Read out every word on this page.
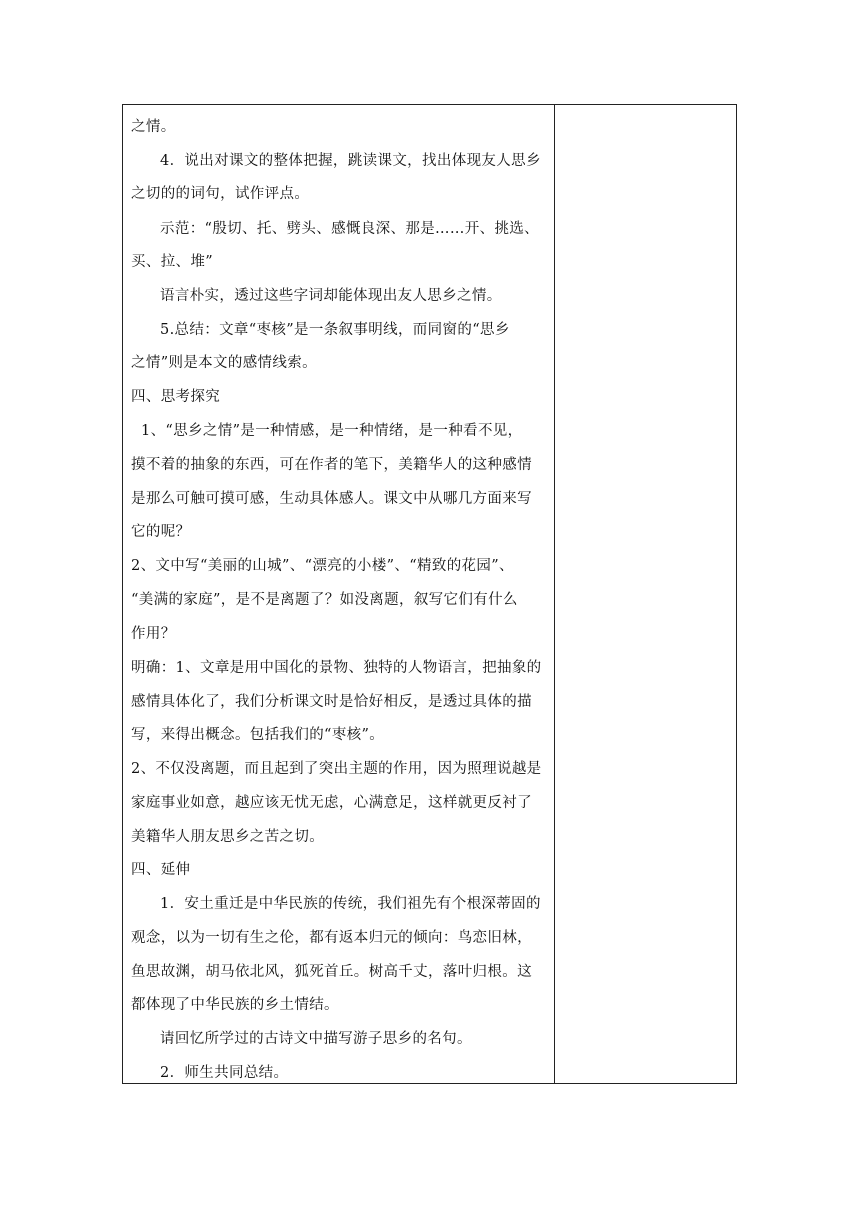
之情。
4．说出对课文的整体把握，跳读课文，找出体现友人思乡
之切的的词句，试作评点。
示范：“殷切、托、劈头、感慨良深、那是……开、挑选、
买、拉、堆”
语言朴实，透过这些字词却能体现出友人思乡之情。
5.总结：文章“枣核”是一条叙事明线，而同窗的“思乡
之情”则是本文的感情线索。
四、思考探究
1、“思乡之情”是一种情感，是一种情绪，是一种看不见，
摸不着的抽象的东西，可在作者的笔下，美籍华人的这种感情
是那么可触可摸可感，生动具体感人。课文中从哪几方面来写
它的呢？
2、文中写“美丽的山城”、“漂亮的小楼”、“精致的花园”、
“美满的家庭”，是不是离题了？如没离题，叙写它们有什么
作用？
明确：1、文章是用中国化的景物、独特的人物语言，把抽象的
感情具体化了，我们分析课文时是恰好相反，是透过具体的描
写，来得出概念。包括我们的“枣核”。
2、不仅没离题，而且起到了突出主题的作用，因为照理说越是
家庭事业如意，越应该无忧无虑，心满意足，这样就更反衬了
美籍华人朋友思乡之苦之切。
四、延伸
1．安土重迁是中华民族的传统，我们祖先有个根深蒂固的
观念，以为一切有生之伦，都有返本归元的倾向：鸟恋旧林，
鱼思故渊，胡马依北风，狐死首丘。树高千丈，落叶归根。这
都体现了中华民族的乡土情结。
请回忆所学过的古诗文中描写游子思乡的名句。
2．师生共同总结。
